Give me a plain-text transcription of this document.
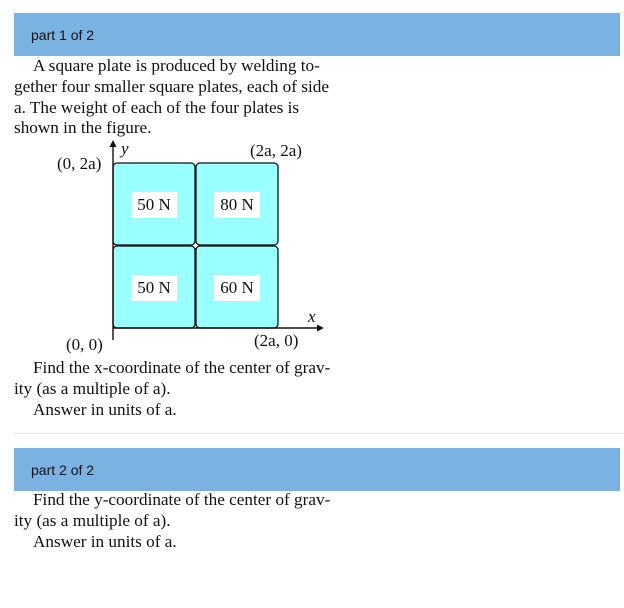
part 1 of 2
A square plate is produced by welding to-
gether four smaller square plates, each of side
a. The weight of each of the four plates is
shown in the figure.
50 N	80 N
50 N	60 N
y
x
(0, 2a)
(2a, 2a)
(0, 0)	(2a, 0)
Find the x-coordinate of the center of grav-
ity (as a multiple of a).
Answer in units of a.
part 2 of 2
Find the y-coordinate of the center of grav-
ity (as a multiple of a).
Answer in units of a.
